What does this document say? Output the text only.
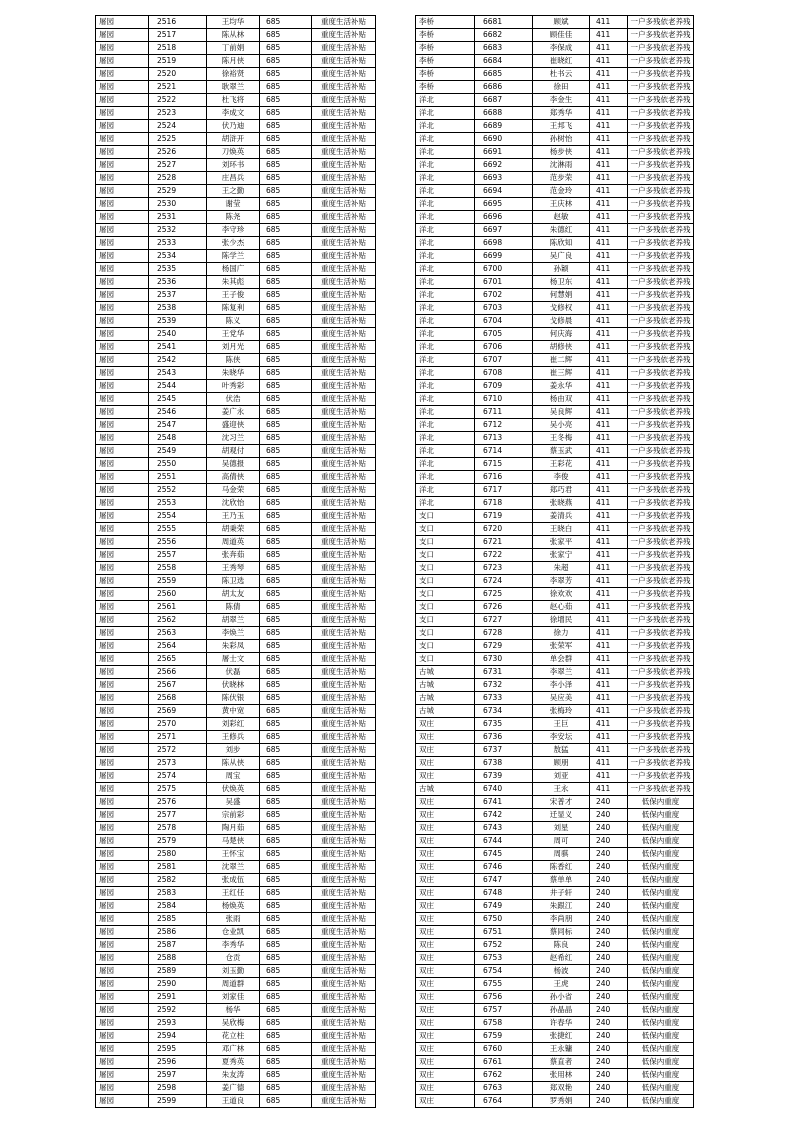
屠园	2516	王均华	685	重度生活补贴
屠园	2517	陈从林	685	重度生活补贴
屠园	2518	丁前娟	685	重度生活补贴
屠园	2519	陈月侠	685	重度生活补贴
屠园	2520	徐裕贤	685	重度生活补贴
屠园	2521	耿翠兰	685	重度生活补贴
屠园	2522	杜飞将	685	重度生活补贴
屠园	2523	李成文	685	重度生活补贴
屠园	2524	伏乃迪	685	重度生活补贴
屠园	2525	胡浒开	685	重度生活补贴
屠园	2526	刀焕英	685	重度生活补贴
屠园	2527	刘环书	685	重度生活补贴
屠园	2528	庄昌兵	685	重度生活补贴
屠园	2529	王之勤	685	重度生活补贴
屠园	2530	谢莹	685	重度生活补贴
屠园	2531	陈尧	685	重度生活补贴
屠园	2532	李守珍	685	重度生活补贴
屠园	2533	张少杰	685	重度生活补贴
屠园	2534	陈学兰	685	重度生活补贴
屠园	2535	杨国广	685	重度生活补贴
屠园	2536	朱其彪	685	重度生活补贴
屠园	2537	王子俊	685	重度生活补贴
屠园	2538	陈复利	685	重度生活补贴
屠园	2539	陈义	685	重度生活补贴
屠园	2540	王党华	685	重度生活补贴
屠园	2541	刘月光	685	重度生活补贴
屠园	2542	陈侠	685	重度生活补贴
屠园	2543	朱晓华	685	重度生活补贴
屠园	2544	叶秀彩	685	重度生活补贴
屠园	2545	伏浩	685	重度生活补贴
屠园	2546	姜广永	685	重度生活补贴
屠园	2547	盛迎侠	685	重度生活补贴
屠园	2548	沈习兰	685	重度生活补贴
屠园	2549	胡观付	685	重度生活补贴
屠园	2550	吴德报	685	重度生活补贴
屠园	2551	高倩侠	685	重度生活补贴
屠园	2552	马金荣	685	重度生活补贴
屠园	2553	沈欣怡	685	重度生活补贴
屠园	2554	王乃玉	685	重度生活补贴
屠园	2555	胡秉荣	685	重度生活补贴
屠园	2556	周道英	685	重度生活补贴
屠园	2557	张奔茹	685	重度生活补贴
屠园	2558	王秀琴	685	重度生活补贴
屠园	2559	陈卫选	685	重度生活补贴
屠园	2560	胡太友	685	重度生活补贴
屠园	2561	陈倩	685	重度生活补贴
屠园	2562	胡翠兰	685	重度生活补贴
屠园	2563	李焕兰	685	重度生活补贴
屠园	2564	朱彩凤	685	重度生活补贴
屠园	2565	屠士文	685	重度生活补贴
屠园	2566	伏磊	685	重度生活补贴
屠园	2567	伏晓林	685	重度生活补贴
屠园	2568	陈伏银	685	重度生活补贴
屠园	2569	黄中宽	685	重度生活补贴
屠园	2570	刘彩红	685	重度生活补贴
屠园	2571	王修兵	685	重度生活补贴
屠园	2572	刘步	685	重度生活补贴
屠园	2573	陈从侠	685	重度生活补贴
屠园	2574	周宝	685	重度生活补贴
屠园	2575	伏焕英	685	重度生活补贴
屠园	2576	吴盛	685	重度生活补贴
屠园	2577	宗前彩	685	重度生活补贴
屠园	2578	陶月茹	685	重度生活补贴
屠园	2579	马楚侠	685	重度生活补贴
屠园	2580	王怀宝	685	重度生活补贴
屠园	2581	沈翠兰	685	重度生活补贴
屠园	2582	张成伍	685	重度生活补贴
屠园	2583	王红任	685	重度生活补贴
屠园	2584	杨焕英	685	重度生活补贴
屠园	2585	张雨	685	重度生活补贴
屠园	2586	仓业凯	685	重度生活补贴
屠园	2587	李秀华	685	重度生活补贴
屠园	2588	仓贡	685	重度生活补贴
屠园	2589	刘玉勤	685	重度生活补贴
屠园	2590	周道群	685	重度生活补贴
屠园	2591	刘家佳	685	重度生活补贴
屠园	2592	杨华	685	重度生活补贴
屠园	2593	吴欣梅	685	重度生活补贴
屠园	2594	花立柱	685	重度生活补贴
屠园	2595	邓广林	685	重度生活补贴
屠园	2596	夏秀英	685	重度生活补贴
屠园	2597	朱友涛	685	重度生活补贴
屠园	2598	姜广德	685	重度生活补贴
屠园	2599	王道良	685	重度生活补贴
李桥	6681	顾斌	411	一户多残依老养残
李桥	6682	顾佳佳	411	一户多残依老养残
李桥	6683	李保成	411	一户多残依老养残
李桥	6684	崔晓红	411	一户多残依老养残
李桥	6685	杜书云	411	一户多残依老养残
李桥	6686	徐田	411	一户多残依老养残
洋北	6687	李金生	411	一户多残依老养残
洋北	6688	郑秀华	411	一户多残依老养残
洋北	6689	王邦飞	411	一户多残依老养残
洋北	6690	孙树怡	411	一户多残依老养残
洋北	6691	杨步侠	411	一户多残依老养残
洋北	6692	沈淋雨	411	一户多残依老养残
洋北	6693	范步荣	411	一户多残依老养残
洋北	6694	范金玲	411	一户多残依老养残
洋北	6695	王庆林	411	一户多残依老养残
洋北	6696	赵敏	411	一户多残依老养残
洋北	6697	朱德红	411	一户多残依老养残
洋北	6698	陈欣知	411	一户多残依老养残
洋北	6699	吴广良	411	一户多残依老养残
洋北	6700	孙颖	411	一户多残依老养残
洋北	6701	杨卫东	411	一户多残依老养残
洋北	6702	何慧娟	411	一户多残依老养残
洋北	6703	戈修权	411	一户多残依老养残
洋北	6704	戈修晨	411	一户多残依老养残
洋北	6705	何庆海	411	一户多残依老养残
洋北	6706	胡修侠	411	一户多残依老养残
洋北	6707	崔二辉	411	一户多残依老养残
洋北	6708	崔三辉	411	一户多残依老养残
洋北	6709	姜永华	411	一户多残依老养残
洋北	6710	杨由双	411	一户多残依老养残
洋北	6711	吴良辉	411	一户多残依老养残
洋北	6712	吴小亮	411	一户多残依老养残
洋北	6713	王冬梅	411	一户多残依老养残
洋北	6714	蔡玉武	411	一户多残依老养残
洋北	6715	王彩花	411	一户多残依老养残
洋北	6716	李俊	411	一户多残依老养残
洋北	6717	郑巧君	411	一户多残依老养残
洋北	6718	张晓燕	411	一户多残依老养残
支口	6719	姜清兵	411	一户多残依老养残
支口	6720	王晓白	411	一户多残依老养残
支口	6721	张家平	411	一户多残依老养残
支口	6722	张家宁	411	一户多残依老养残
支口	6723	朱超	411	一户多残依老养残
支口	6724	李翠芳	411	一户多残依老养残
支口	6725	徐欢欢	411	一户多残依老养残
支口	6726	赵心茹	411	一户多残依老养残
支口	6727	徐增民	411	一户多残依老养残
支口	6728	徐力	411	一户多残依老养残
支口	6729	张荣军	411	一户多残依老养残
支口	6730	单会群	411	一户多残依老养残
古城	6731	李翠兰	411	一户多残依老养残
古城	6732	李小泽	411	一户多残依老养残
古城	6733	吴应美	411	一户多残依老养残
古城	6734	张梅玲	411	一户多残依老养残
双庄	6735	王巨	411	一户多残依老养残
双庄	6736	李安坛	411	一户多残依老养残
双庄	6737	敖猛	411	一户多残依老养残
双庄	6738	顾朋	411	一户多残依老养残
双庄	6739	刘亚	411	一户多残依老养残
古城	6740	王永	411	一户多残依老养残
双庄	6741	宋普才	240	低保内重度
双庄	6742	迁显义	240	低保内重度
双庄	6743	刘星	240	低保内重度
双庄	6744	周可	240	低保内重度
双庄	6745	周骐	240	低保内重度
双庄	6746	陈香红	240	低保内重度
双庄	6747	蔡单单	240	低保内重度
双庄	6748	井子轩	240	低保内重度
双庄	6749	朱跟江	240	低保内重度
双庄	6750	李尚朋	240	低保内重度
双庄	6751	蔡同标	240	低保内重度
双庄	6752	陈良	240	低保内重度
双庄	6753	赵希红	240	低保内重度
双庄	6754	杨波	240	低保内重度
双庄	6755	王虎	240	低保内重度
双庄	6756	孙小省	240	低保内重度
双庄	6757	孙晶晶	240	低保内重度
双庄	6758	许春华	240	低保内重度
双庄	6759	张捷红	240	低保内重度
双庄	6760	王永镛	240	低保内重度
双庄	6761	蔡直者	240	低保内重度
双庄	6762	张用林	240	低保内重度
双庄	6763	郑双艳	240	低保内重度
双庄	6764	罗秀娟	240	低保内重度
